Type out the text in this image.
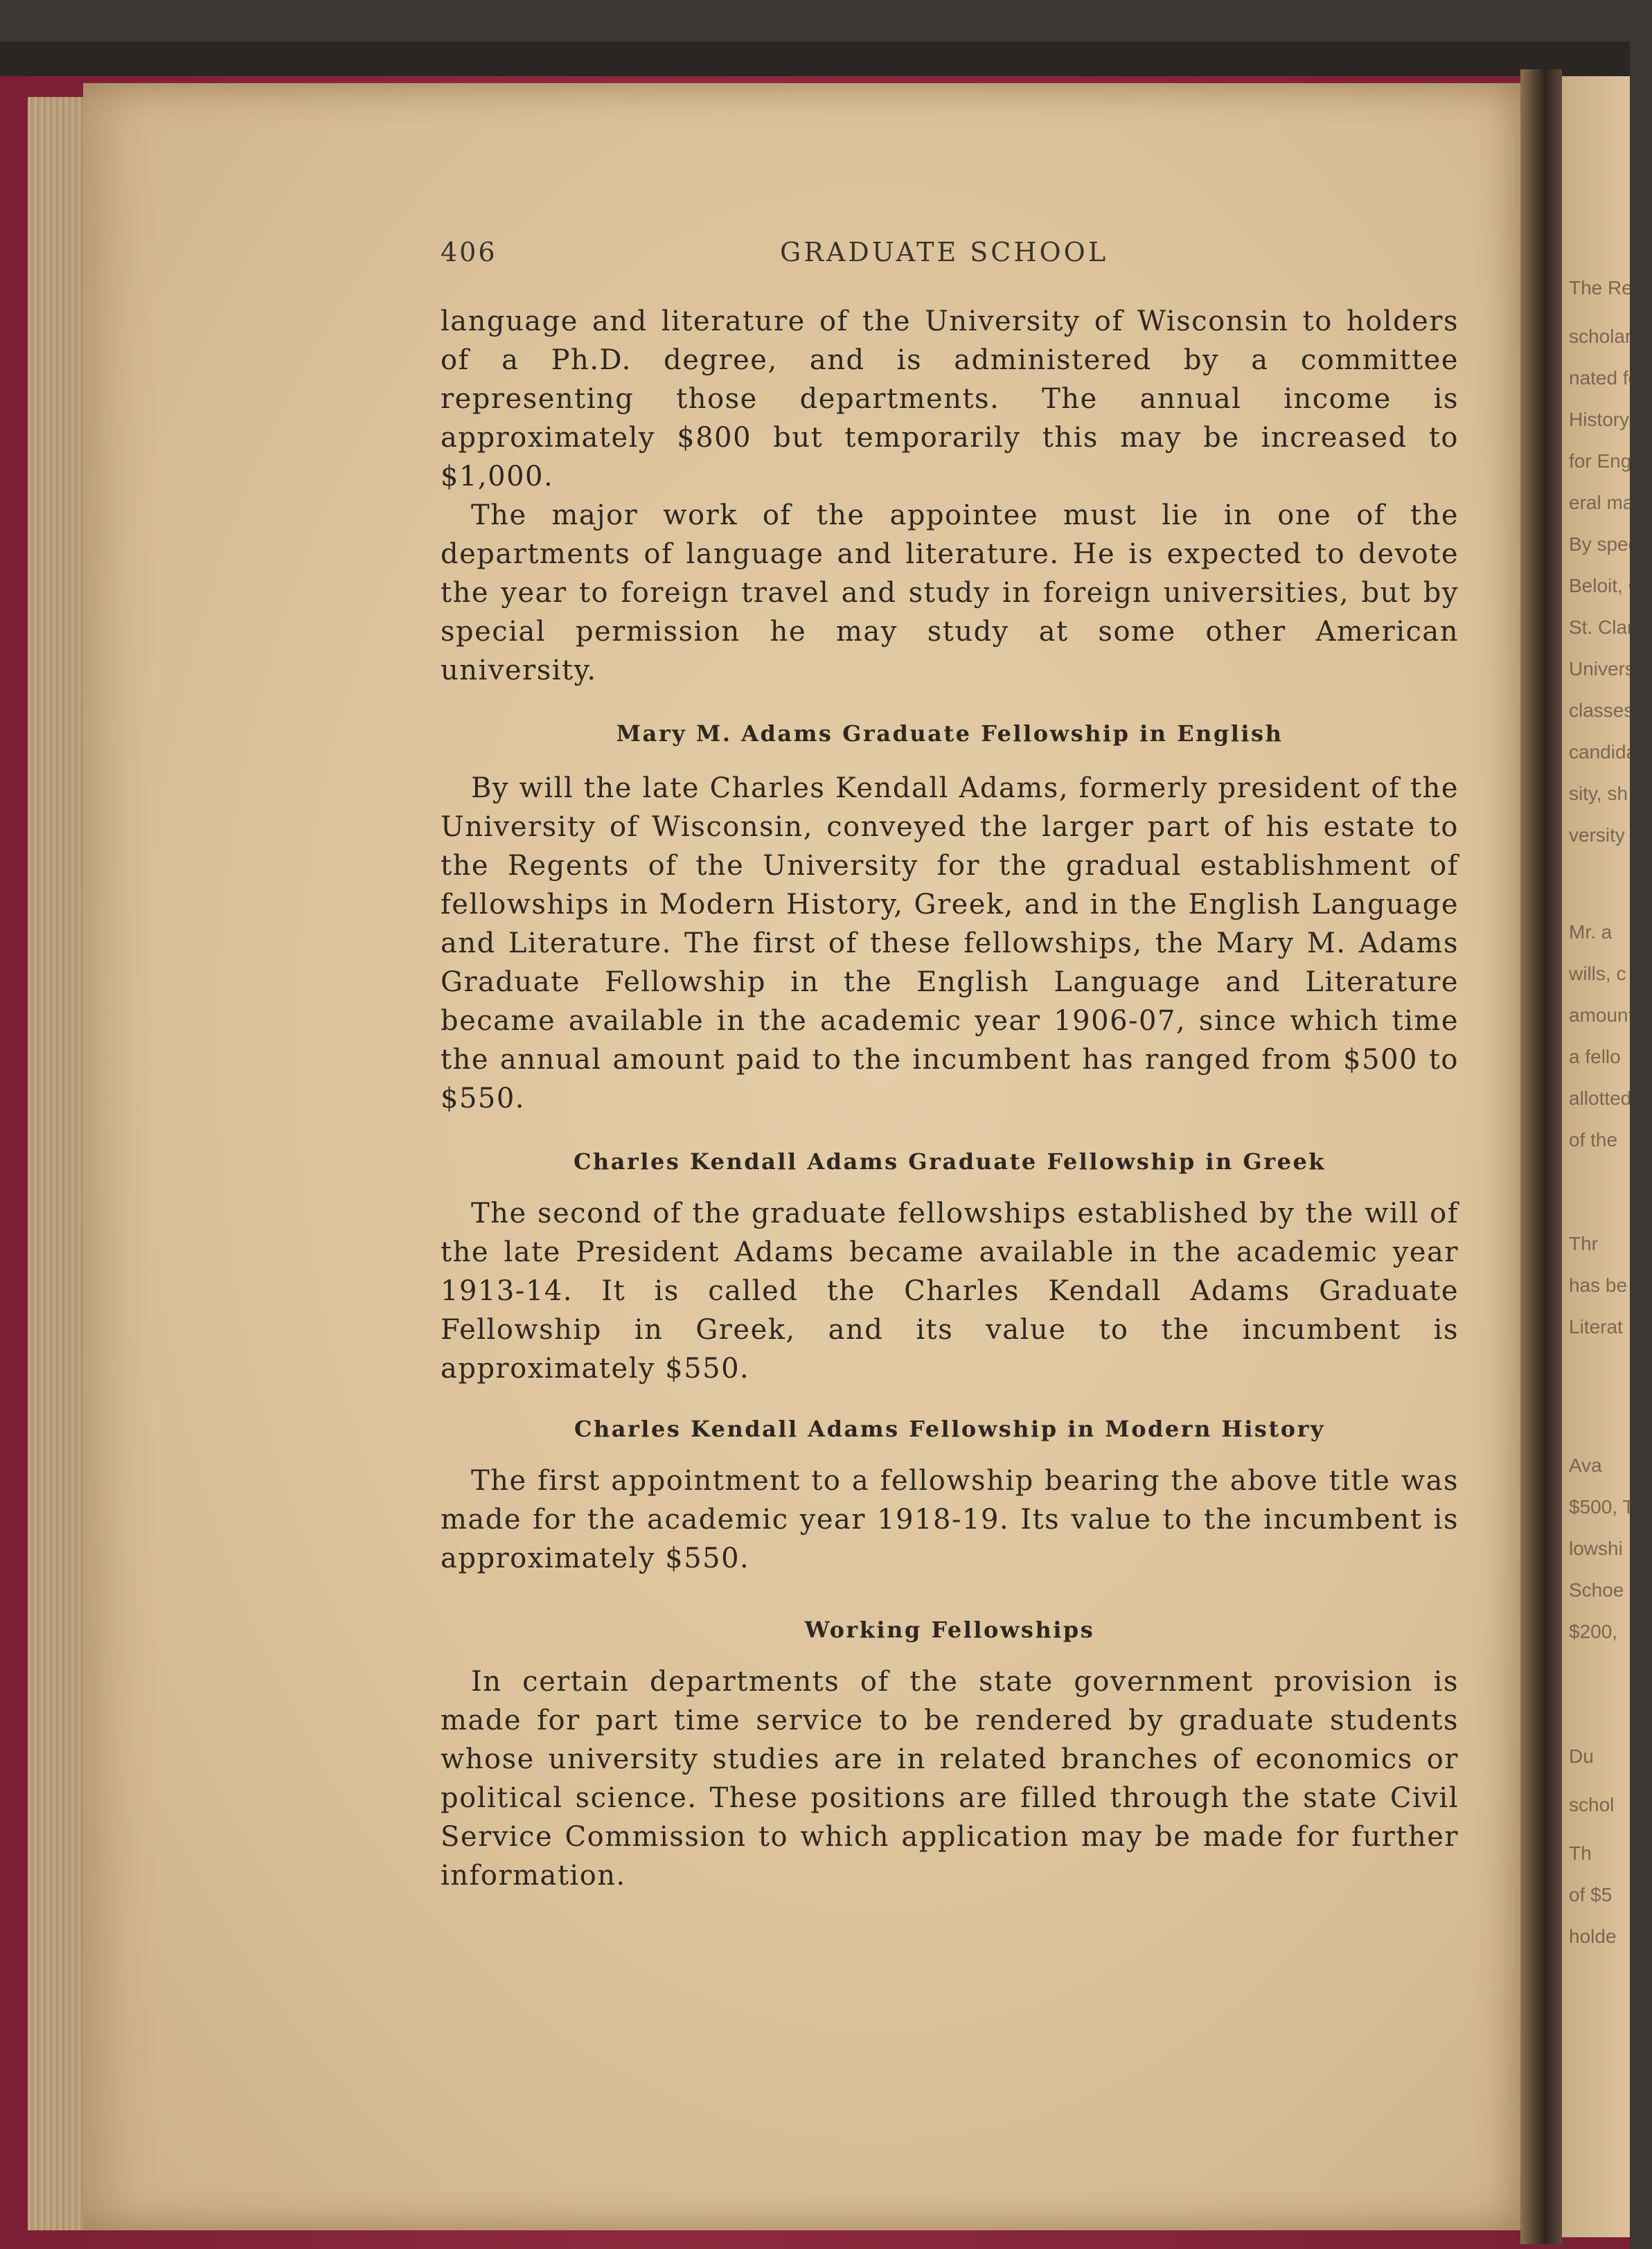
The Re
scholarsh
nated fo
History,
for Engi
eral mai
By speci
Beloit, C
St. Clar
Univers
classes
candidat
sity, sh
versity
Mr. a
wills, c
amount
a fello
allotted
of the
Thr
has be
Literat
Ava
$500, T
lowshi
Schoe
$200,
Du
schol
Th
of $5
holde
406	GRADUATE SCHOOL

language and literature of the University of Wisconsin to holders of a Ph.D. degree, and is administered by a committee representing those departments. The annual income is approximately $800 but temporarily this may be increased to $1,000.

The major work of the appointee must lie in one of the departments of language and literature. He is expected to devote the year to foreign travel and study in foreign universities, but by special permission he may study at some other American university.

Mary M. Adams Graduate Fellowship in English

By will the late Charles Kendall Adams, formerly president of the University of Wisconsin, conveyed the larger part of his estate to the Regents of the University for the gradual establishment of fellowships in Modern History, Greek, and in the English Language and Literature. The first of these fellowships, the Mary M. Adams Graduate Fellowship in the English Language and Literature became available in the academic year 1906-07, since which time the annual amount paid to the incumbent has ranged from $500 to $550.

Charles Kendall Adams Graduate Fellowship in Greek

The second of the graduate fellowships established by the will of the late President Adams became available in the academic year 1913-14. It is called the Charles Kendall Adams Graduate Fellowship in Greek, and its value to the incumbent is approximately $550.

Charles Kendall Adams Fellowship in Modern History

The first appointment to a fellowship bearing the above title was made for the academic year 1918-19. Its value to the incumbent is approximately $550.

Working Fellowships

In certain departments of the state government provision is made for part time service to be rendered by graduate students whose university studies are in related branches of economics or political science. These positions are filled through the state Civil Service Commission to which application may be made for further information.
